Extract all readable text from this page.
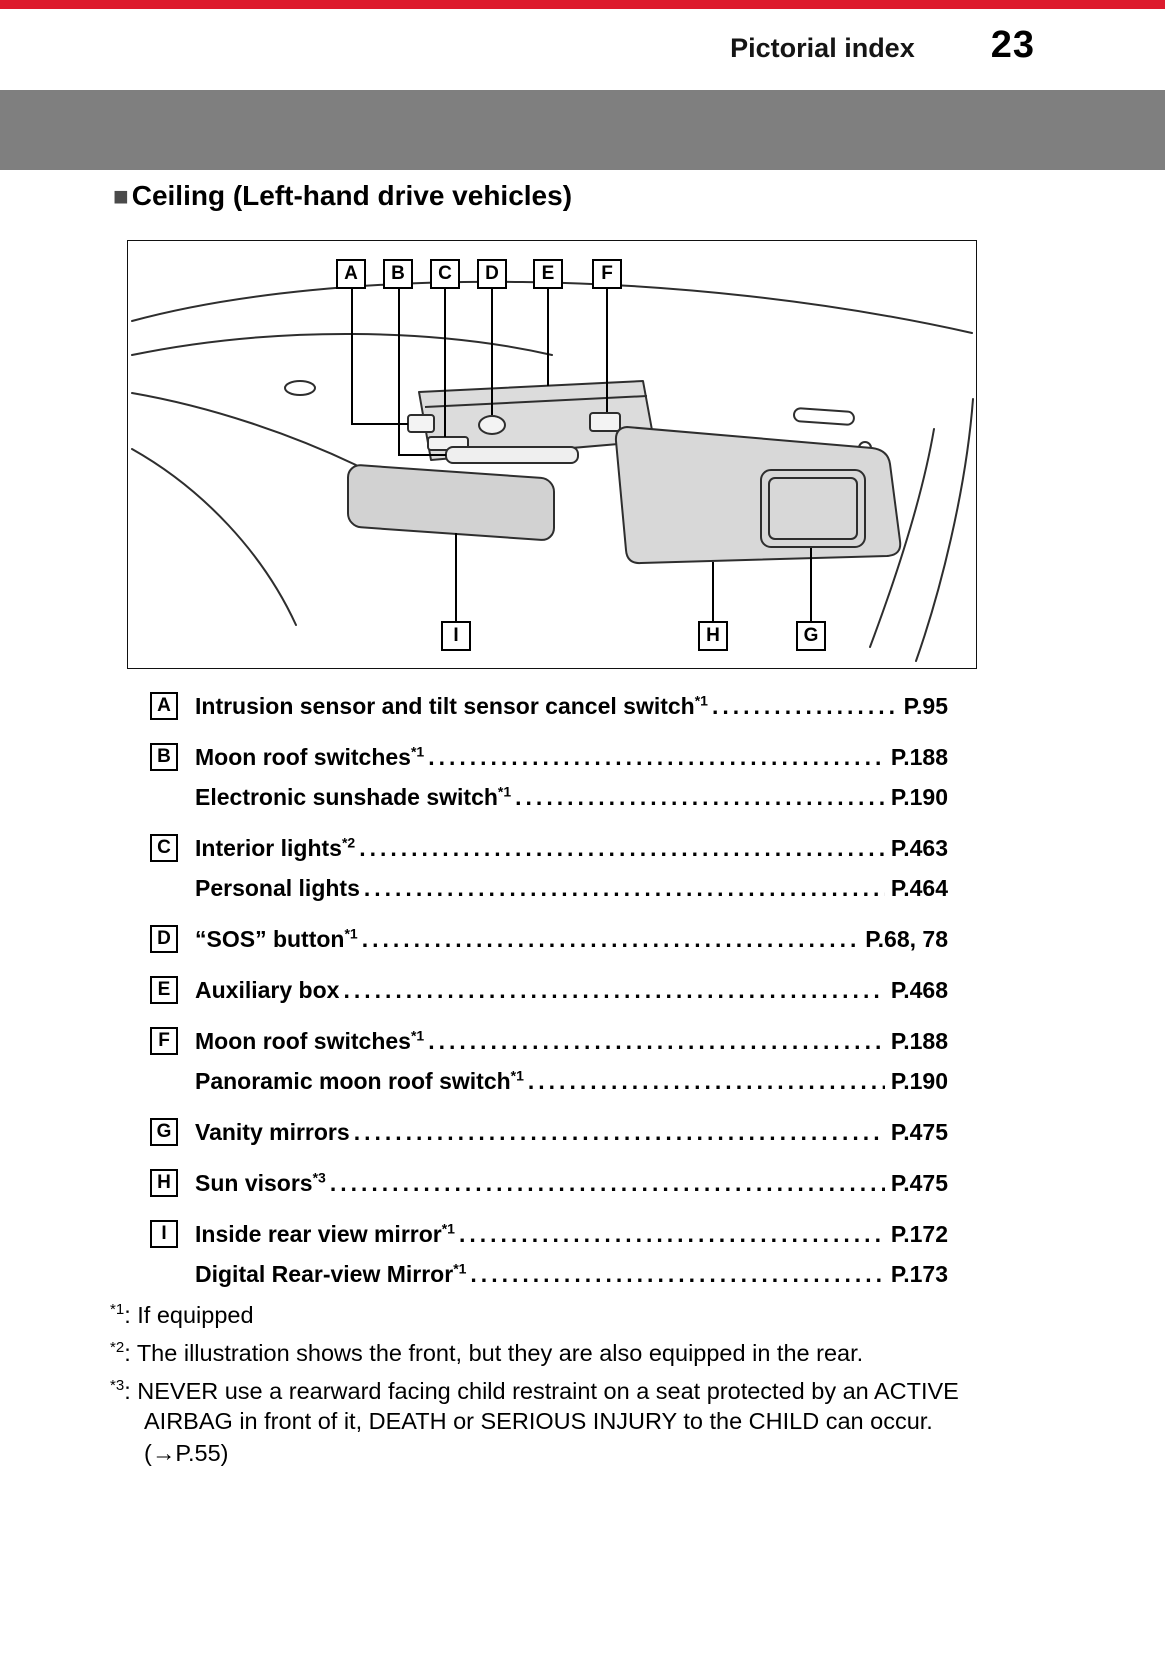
Pictorial index 23
■ Ceiling (Left-hand drive vehicles)
A	B	C	D	E	F
I	H	G
A	Intrusion sensor and tilt sensor cancel switch$^{*1}$ .....	P.95
B	Moon roof switches$^{*1}$ .....	P.188
Electronic sunshade switch$^{*1}$ .....	P.190
C	Interior lights$^{*2}$ .....	P.463
Personal lights .....	P.464
D	“SOS” button$^{*1}$ .....	P.68, 78
E	Auxiliary box .....	P.468
F	Moon roof switches$^{*1}$ .....	P.188
Panoramic moon roof switch$^{*1}$ .....	P.190
G Vanity mirrors .....	P.475
H	Sun visors$^{*3}$ .....	P.475
I	Inside rear view mirror$^{*1}$ .....	P.172
Digital Rear-view Mirror$^{*1}$ .....	P.173
$^{*1}$: If equipped
$^{*2}$: The illustration shows the front, but they are also equipped in the rear.
$^{*3}$: NEVER use a rearward facing child restraint on a seat protected by an ACTIVE AIRBAG in front of it, DEATH or SERIOUS INJURY to the CHILD can occur.
(→P.55)
